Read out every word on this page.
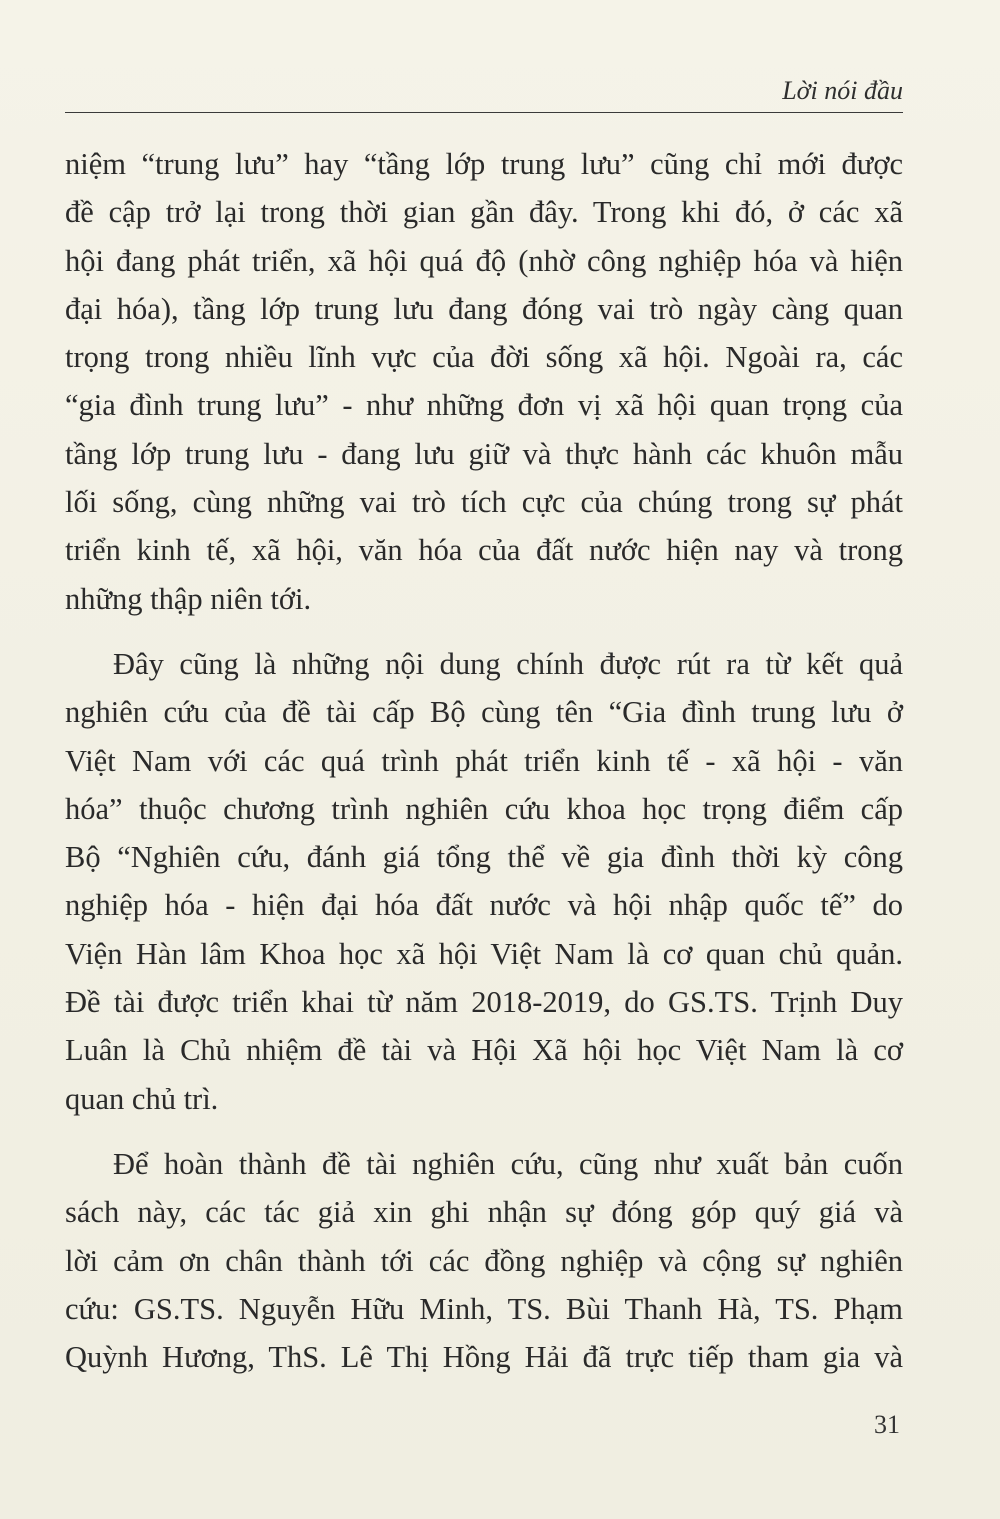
Lời nói đầu

niệm “trung lưu” hay “tầng lớp trung lưu” cũng chỉ mới được
đề cập trở lại trong thời gian gần đây. Trong khi đó, ở các xã
hội đang phát triển, xã hội quá độ (nhờ công nghiệp hóa và hiện
đại hóa), tầng lớp trung lưu đang đóng vai trò ngày càng quan
trọng trong nhiều lĩnh vực của đời sống xã hội. Ngoài ra, các
“gia đình trung lưu” - như những đơn vị xã hội quan trọng của
tầng lớp trung lưu - đang lưu giữ và thực hành các khuôn mẫu
lối sống, cùng những vai trò tích cực của chúng trong sự phát
triển kinh tế, xã hội, văn hóa của đất nước hiện nay và trong
những thập niên tới.

Đây cũng là những nội dung chính được rút ra từ kết quả
nghiên cứu của đề tài cấp Bộ cùng tên “Gia đình trung lưu ở
Việt Nam với các quá trình phát triển kinh tế - xã hội - văn
hóa” thuộc chương trình nghiên cứu khoa học trọng điểm cấp
Bộ “Nghiên cứu, đánh giá tổng thể về gia đình thời kỳ công
nghiệp hóa - hiện đại hóa đất nước và hội nhập quốc tế” do
Viện Hàn lâm Khoa học xã hội Việt Nam là cơ quan chủ quản.
Đề tài được triển khai từ năm 2018-2019, do GS.TS. Trịnh Duy
Luân là Chủ nhiệm đề tài và Hội Xã hội học Việt Nam là cơ
quan chủ trì.

Để hoàn thành đề tài nghiên cứu, cũng như xuất bản cuốn
sách này, các tác giả xin ghi nhận sự đóng góp quý giá và
lời cảm ơn chân thành tới các đồng nghiệp và cộng sự nghiên
cứu: GS.TS. Nguyễn Hữu Minh, TS. Bùi Thanh Hà, TS. Phạm
Quỳnh Hương, ThS. Lê Thị Hồng Hải đã trực tiếp tham gia và

31
